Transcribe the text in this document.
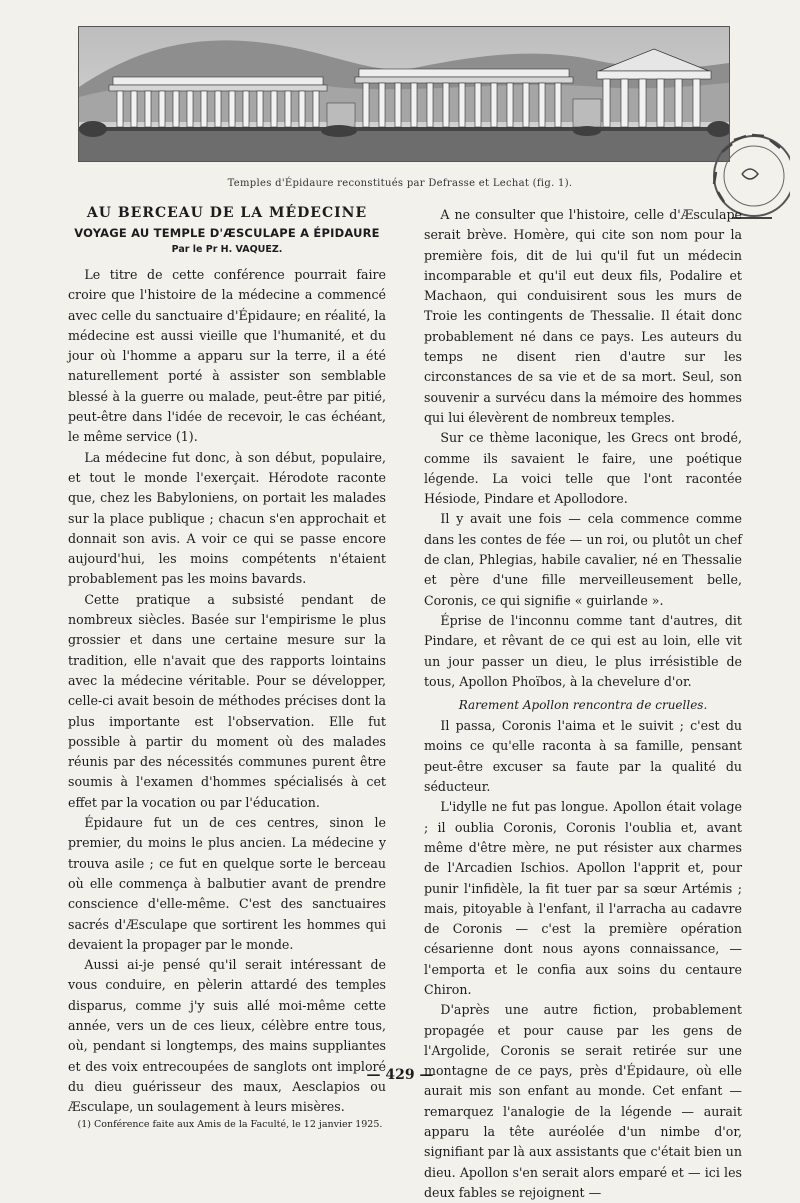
Temples d'Épidaure reconstitués par Defrasse et Lechat (fig. 1).
AU BERCEAU DE LA MÉDECINE
VOYAGE AU TEMPLE D'ÆSCULAPE A ÉPIDAURE
Par le Pr H. VAQUEZ.

Le titre de cette conférence pourrait faire croire que l'histoire de la médecine a commencé avec celle du sanctuaire d'Épidaure; en réalité, la médecine est aussi vieille que l'humanité, et du jour où l'homme a apparu sur la terre, il a été naturellement porté à assister son semblable blessé à la guerre ou malade, peut-être par pitié, peut-être dans l'idée de recevoir, le cas échéant, le même service (1).

La médecine fut donc, à son début, populaire, et tout le monde l'exerçait. Hérodote raconte que, chez les Babyloniens, on portait les malades sur la place publique ; chacun s'en approchait et donnait son avis. A voir ce qui se passe encore aujourd'hui, les moins compétents n'étaient probablement pas les moins bavards.

Cette pratique a subsisté pendant de nombreux siècles. Basée sur l'empirisme le plus grossier et dans une certaine mesure sur la tradition, elle n'avait que des rapports lointains avec la médecine véritable. Pour se développer, celle-ci avait besoin de méthodes précises dont la plus importante est l'observation. Elle fut possible à partir du moment où des malades réunis par des nécessités communes purent être soumis à l'examen d'hommes spécialisés à cet effet par la vocation ou par l'éducation.

Épidaure fut un de ces centres, sinon le premier, du moins le plus ancien. La médecine y trouva asile ; ce fut en quelque sorte le berceau où elle commença à balbutier avant de prendre conscience d'elle-même. C'est des sanctuaires sacrés d'Æsculape que sortirent les hommes qui devaient la propager par le monde.

Aussi ai-je pensé qu'il serait intéressant de vous conduire, en pèlerin attardé des temples disparus, comme j'y suis allé moi-même cette année, vers un de ces lieux, célèbre entre tous, où, pendant si longtemps, des mains suppliantes et des voix entrecoupées de sanglots ont imploré du dieu guérisseur des maux, Aesclapios ou Æsculape, un soulagement à leurs misères.

(1) Conférence faite aux Amis de la Faculté, le 12 janvier 1925.

A ne consulter que l'histoire, celle d'Æsculape serait brève. Homère, qui cite son nom pour la première fois, dit de lui qu'il fut un médecin incomparable et qu'il eut deux fils, Podalire et Machaon, qui conduisirent sous les murs de Troie les contingents de Thessalie. Il était donc probablement né dans ce pays. Les auteurs du temps ne disent rien d'autre sur les circonstances de sa vie et de sa mort. Seul, son souvenir a survécu dans la mémoire des hommes qui lui élevèrent de nombreux temples.

Sur ce thème laconique, les Grecs ont brodé, comme ils savaient le faire, une poétique légende. La voici telle que l'ont racontée Hésiode, Pindare et Apollodore.

Il y avait une fois — cela commence comme dans les contes de fée — un roi, ou plutôt un chef de clan, Phlegias, habile cavalier, né en Thessalie et père d'une fille merveilleusement belle, Coronis, ce qui signifie « guirlande ».

Éprise de l'inconnu comme tant d'autres, dit Pindare, et rêvant de ce qui est au loin, elle vit un jour passer un dieu, le plus irrésistible de tous, Apollon Phoïbos, à la chevelure d'or.

Rarement Apollon rencontra de cruelles.

Il passa, Coronis l'aima et le suivit ; c'est du moins ce qu'elle raconta à sa famille, pensant peut-être excuser sa faute par la qualité du séducteur.

L'idylle ne fut pas longue. Apollon était volage ; il oublia Coronis, Coronis l'oublia et, avant même d'être mère, ne put résister aux charmes de l'Arcadien Ischios. Apollon l'apprit et, pour punir l'infidèle, la fit tuer par sa sœur Artémis ; mais, pitoyable à l'enfant, il l'arracha au cadavre de Coronis — c'est la première opération césarienne dont nous ayons connaissance, — l'emporta et le confia aux soins du centaure Chiron.

D'après une autre fiction, probablement propagée et pour cause par les gens de l'Argolide, Coronis se serait retirée sur une montagne de ce pays, près d'Épidaure, où elle aurait mis son enfant au monde. Cet enfant — remarquez l'analogie de la légende — aurait apparu la tête auréolée d'un nimbe d'or, signifiant par là aux assistants que c'était bien un dieu. Apollon s'en serait alors emparé et — ici les deux fables se rejoignent —

— 429 —
